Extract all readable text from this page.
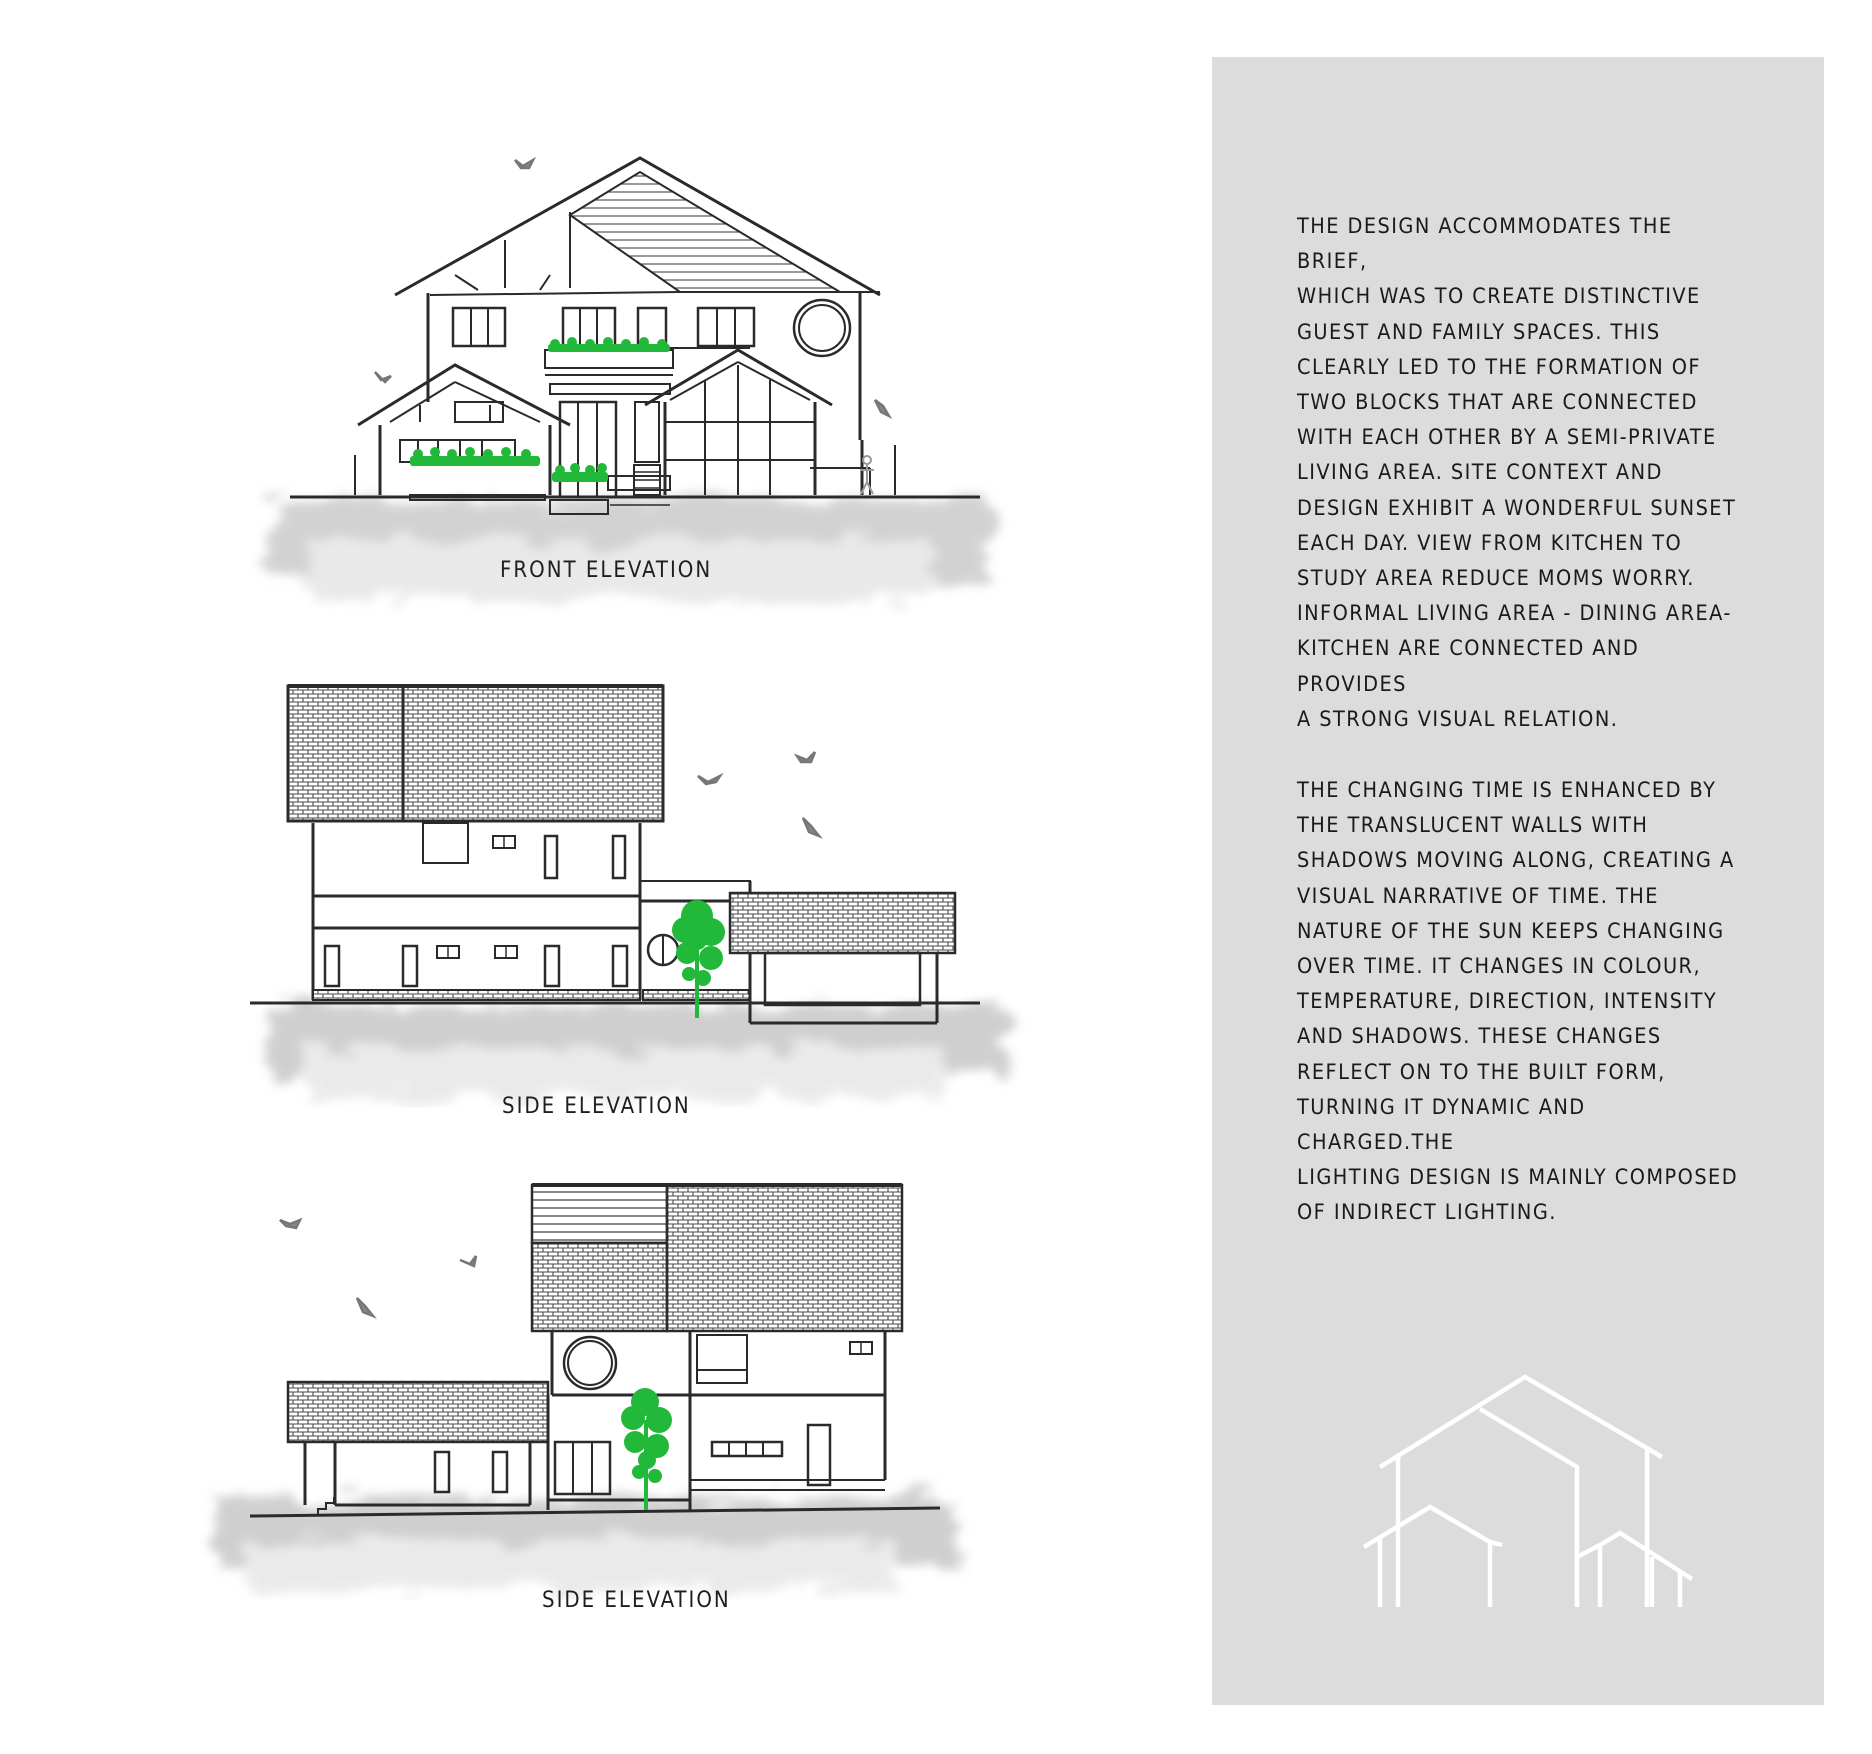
FRONT ELEVATION
SIDE ELEVATION
SIDE ELEVATION
THE DESIGN ACCOMMODATES THE BRIEF,
WHICH WAS TO CREATE DISTINCTIVE
GUEST AND FAMILY SPACES. THIS
CLEARLY LED TO THE FORMATION OF
TWO BLOCKS THAT ARE CONNECTED
WITH EACH OTHER BY A SEMI-PRIVATE
LIVING AREA. SITE CONTEXT AND
DESIGN EXHIBIT A WONDERFUL SUNSET
EACH DAY. VIEW FROM KITCHEN TO
STUDY AREA REDUCE MOMS WORRY.
INFORMAL LIVING AREA - DINING AREA-
KITCHEN ARE CONNECTED AND PROVIDES
A STRONG VISUAL RELATION.
THE CHANGING TIME IS ENHANCED BY
THE TRANSLUCENT WALLS WITH
SHADOWS MOVING ALONG, CREATING A
VISUAL NARRATIVE OF TIME. THE
NATURE OF THE SUN KEEPS CHANGING
OVER TIME. IT CHANGES IN COLOUR,
TEMPERATURE, DIRECTION, INTENSITY
AND SHADOWS. THESE CHANGES
REFLECT ON TO THE BUILT FORM,
TURNING IT DYNAMIC AND CHARGED.THE
LIGHTING DESIGN IS MAINLY COMPOSED
OF INDIRECT LIGHTING.
